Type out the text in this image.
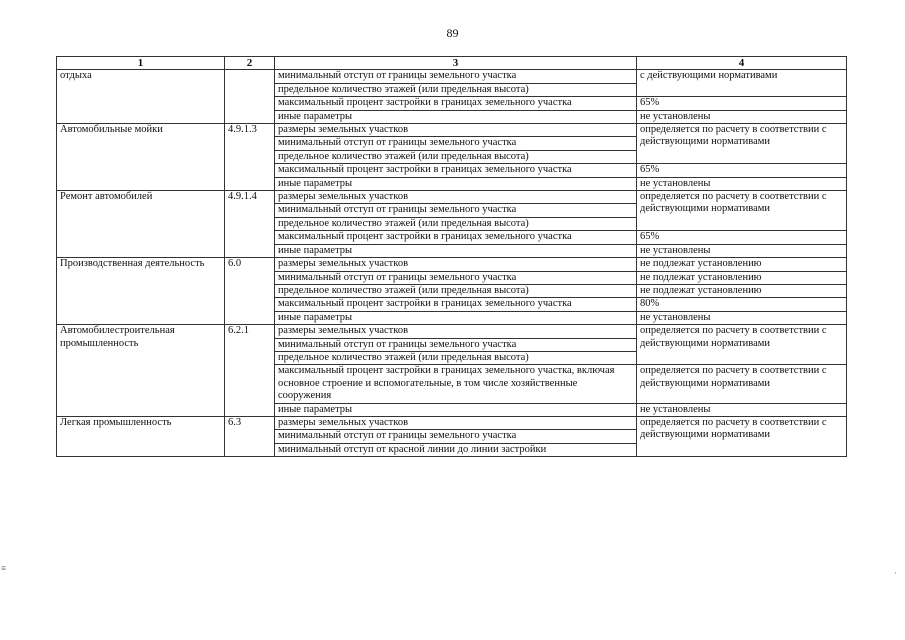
89
1	2	3	4
отдыха		минимальный отступ от границы земельного участка	с действующими нормативами
		предельное количество этажей (или предельная высота)	
		максимальный процент застройки в границах земельного участка	65%
		иные параметры	не установлены
Автомобильные мойки	4.9.1.3	размеры земельных участков	определяется по расчету в соответствии с действующими нормативами
		минимальный отступ от границы земельного участка	
		предельное количество этажей (или предельная высота)	
		максимальный процент застройки в границах земельного участка	65%
		иные параметры	не установлены
Ремонт автомобилей	4.9.1.4	размеры земельных участков	определяется по расчету в соответствии с действующими нормативами
		минимальный отступ от границы земельного участка	
		предельное количество этажей (или предельная высота)	
		максимальный процент застройки в границах земельного участка	65%
		иные параметры	не установлены
Производственная деятельность	6.0	размеры земельных участков	не подлежат установлению
		минимальный отступ от границы земельного участка	не подлежат установлению
		предельное количество этажей (или предельная высота)	не подлежат установлению
		максимальный процент застройки в границах земельного участка	80%
		иные параметры	не установлены
Автомобилестроительная промышленность	6.2.1	размеры земельных участков	определяется по расчету в соответствии с действующими нормативами
		минимальный отступ от границы земельного участка	
		предельное количество этажей (или предельная высота)	
		максимальный процент застройки в границах земельного участка, включая основное строение и вспомогательные, в том числе хозяйственные сооружения	определяется по расчету в соответствии с действующими нормативами
		иные параметры	не установлены
Легкая промышленность	6.3	размеры земельных участков	определяется по расчету в соответствии с действующими нормативами
		минимальный отступ от границы земельного участка	
		минимальный отступ от красной линии до линии застройки	
≡	·
